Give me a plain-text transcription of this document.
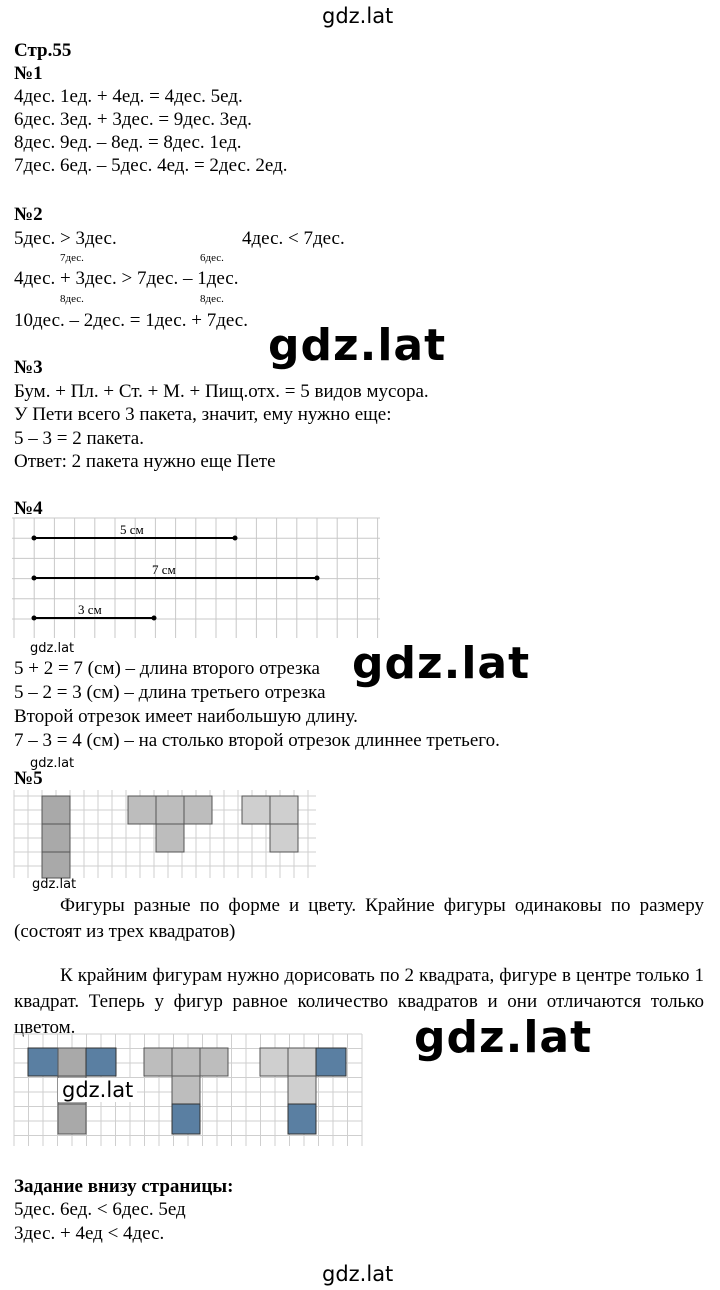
gdz.lat
Стр.55
№1
4дес. 1ед. + 4ед. = 4дес. 5ед.
6дес. 3ед. + 3дес. = 9дес. 3ед.
8дес. 9ед. – 8ед. = 8дес. 1ед.
7дес. 6ед. – 5дес. 4ед. = 2дес. 2ед.
№2
5дес. > 3дес.	4дес. < 7дес.
7дес.	6дес.
4дес. + 3дес. > 7дес. – 1дес.
8дес.	8дес.
10дес. – 2дес. = 1дес. + 7дес. gdz.lat
№3
Бум. + Пл. + Ст. + М. + Пищ.отх. = 5 видов мусора.
У Пети всего 3 пакета, значит, ему нужно еще:
5 – 3 = 2 пакета.
Ответ: 2 пакета нужно еще Пете
№4
5 см
7 см
3 см
gdz.lat	gdz.lat
5 + 2 = 7 (см) – длина второго отрезка
5 – 2 = 3 (см) – длина третьего отрезка
Второй отрезок имеет наибольшую длину.
7 – 3 = 4 (см) – на столько второй отрезок длиннее третьего.
gdz.lat
№5
gdz.lat
Фигуры разные по форме и цвету. Крайние фигуры одинаковы по размеру (состоят из трех квадратов)
К крайним фигурам нужно дорисовать по 2 квадрата, фигуре в центре только 1 квадрат. Теперь у фигур равное количество квадратов и они отличаются только цветом.	gdz.lat
gdz.lat
Задание внизу страницы:
5дес. 6ед. < 6дес. 5ед
3дес. + 4ед < 4дес.
gdz.lat
